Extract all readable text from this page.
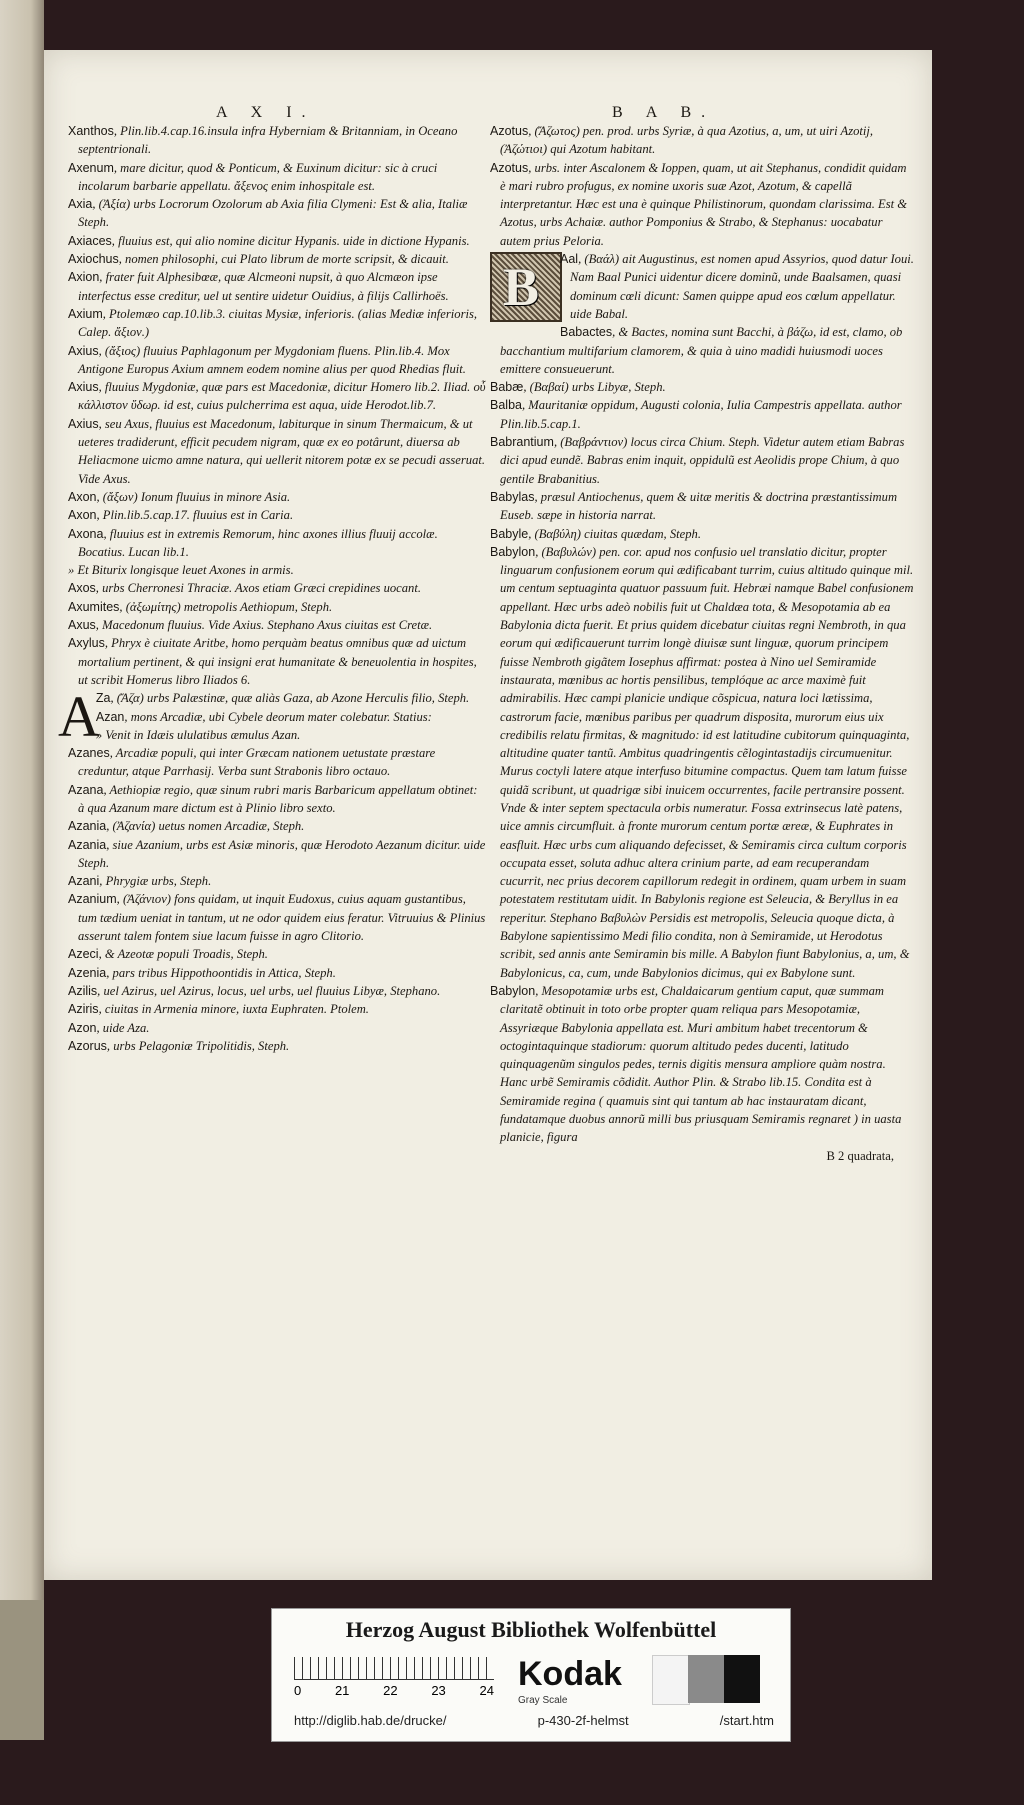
A X I.	B A B.
Xanthos, Plin.lib.4.cap.16.insula infra Hyberniam & Britanniam, in Oceano septentrionali.
Axenum, mare dicitur, quod & Ponticum, & Euxinum dicitur: sic à cruci incolarum barbarie appellatu. ἄξενος enim inhospitale est.
Axia, (Ἀξία) urbs Locrorum Ozolorum ab Axia filia Clymeni: Est & alia, Italiæ Steph.
Axiaces, fluuius est, qui alio nomine dicitur Hypanis. uide in dictione Hypanis.
Axiochus, nomen philosophi, cui Plato librum de morte scripsit, & dicauit.
Axion, frater fuit Alphesibœæ, quæ Alcmeoni nupsit, à quo Alcmæon ipse interfectus esse creditur, uel ut sentire uidetur Ouidius, à filijs Callirhoës.
Axium, Ptolemæo cap.10.lib.3. ciuitas Mysiæ, inferioris. (alias Mediæ inferioris, Calep. ἄξιον.)
Axius, (ἄξιος) fluuius Paphlagonum per Mygdoniam fluens. Plin.lib.4. Mox Antigone Europus Axium amnem eodem nomine alius per quod Rhedias fluit.
Axius, fluuius Mygdoniæ, quæ pars est Macedoniæ, dicitur Homero lib.2. Iliad. οὗ κάλλιστον ὕδωρ. id est, cuius pulcherrima est aqua, uide Herodot.lib.7.
Axius, seu Axus, fluuius est Macedonum, labiturque in sinum Thermaicum, & ut ueteres tradiderunt, efficit pecudem nigram, quæ ex eo potârunt, diuersa ab Heliacmone uicmo amne natura, qui uellerit nitorem potæ ex se pecudi asseruat. Vide Axus.
Axon, (ἄξων) Ionum fluuius in minore Asia.
Axon, Plin.lib.5.cap.17. fluuius est in Caria.
Axona, fluuius est in extremis Remorum, hinc axones illius fluuij accolæ. Bocatius. Lucan lib.1.
» Et Biturix longisque leuet Axones in armis.
Axos, urbs Cherronesi Thraciæ. Axos etiam Græci crepidines uocant.
Axumites, (ἀξωμίτης) metropolis Aethiopum, Steph.
Axus, Macedonum fluuius. Vide Axius. Stephano Axus ciuitas est Cretæ.
Axylus, Phryx è ciuitate Aritbe, homo perquàm beatus omnibus quæ ad uictum mortalium pertinent, & qui insigni erat humanitate & beneuolentia in hospites, ut scribit Homerus libro Iliados 6.
A
Za, (Ἄζα) urbs Palæstinæ, quæ aliàs Gaza, ab Azone Herculis filio, Steph.
Azan, mons Arcadiæ, ubi Cybele deorum mater colebatur. Statius:
» Venit in Idæis ululatibus æmulus Azan.
Azanes, Arcadiæ populi, qui inter Græcam nationem uetustate præstare creduntur, atque Parrhasij. Verba sunt Strabonis libro octauo.
Azana, Aethiopiæ regio, quæ sinum rubri maris Barbaricum appellatum obtinet: à qua Azanum mare dictum est à Plinio libro sexto.
Azania, (Ἀζανία) uetus nomen Arcadiæ, Steph.
Azania, siue Azanium, urbs est Asiæ minoris, quæ Herodoto Aezanum dicitur. uide Steph.
Azani, Phrygiæ urbs, Steph.
Azanium, (Ἀζάνιον) fons quidam, ut inquit Eudoxus, cuius aquam gustantibus, tum tædium ueniat in tantum, ut ne odor quidem eius feratur. Vitruuius & Plinius asserunt talem fontem siue lacum fuisse in agro Clitorio.
Azeci, & Azeotæ populi Troadis, Steph.
Azenia, pars tribus Hippothoontidis in Attica, Steph.
Azilis, uel Azirus, uel Azirus, locus, uel urbs, uel fluuius Libyæ, Stephano.
Aziris, ciuitas in Armenia minore, iuxta Euphraten. Ptolem.
Azon, uide Aza.
Azorus, urbs Pelagoniæ Tripolitidis, Steph.
Azotus, (Ἄζωτος) pen. prod. urbs Syriæ, à qua Azotius, a, um, ut uiri Azotij, (Ἀζώτιοι) qui Azotum habitant.
Azotus, urbs. inter Ascalonem & Ioppen, quam, ut ait Stephanus, condidit quidam è mari rubro profugus, ex nomine uxoris suæ Azot, Azotum, & capellã interpretantur. Hæc est una è quinque Philistinorum, quondam clarissima. Est & Azotus, urbs Achaiæ. author Pomponius & Strabo, & Stephanus: uocabatur autem prius Peloria.
B	Aal, (Βαάλ) ait Augustinus, est nomen apud Assyrios, quod datur Ioui. Nam Baal Punici uidentur dicere dominũ, unde Baalsamen, quasi dominum cœli dicunt: Samen quippe apud eos cœlum appellatur. uide Babal.
Babactes, & Bactes, nomina sunt Bacchi, à βάζω, id est, clamo, ob bacchantium multifarium clamorem, & quia à uino madidi huiusmodi uoces emittere consueuerunt.
Babæ, (Βαβαί) urbs Libyæ, Steph.
Balba, Mauritaniæ oppidum, Augusti colonia, Iulia Campestris appellata. author Plin.lib.5.cap.1.
Babrantium, (Βαβράντιον) locus circa Chium. Steph. Videtur autem etiam Babras dici apud eundẽ. Babras enim inquit, oppidulũ est Aeolidis prope Chium, à quo gentile Brabanitius.
Babylas, præsul Antiochenus, quem & uitæ meritis & doctrina præstantissimum Euseb. sæpe in historia narrat.
Babyle, (Βαβύλη) ciuitas quædam, Steph.
Babylon, (Βαβυλών) pen. cor. apud nos confusio uel translatio dicitur, propter linguarum confusionem eorum qui ædificabant turrim, cuius altitudo quinque mil. um centum septuaginta quatuor passuum fuit. Hebræi namque Babel confusionem appellant. Hæc urbs adeò nobilis fuit ut Chaldæa tota, & Mesopotamia ab ea Babylonia dicta fuerit. Et prius quidem dicebatur ciuitas regni Nembroth, in qua eorum qui ædificauerunt turrim longè diuisæ sunt linguæ, quorum principem fuisse Nembroth gigãtem Iosephus affirmat: postea à Nino uel Semiramide instaurata, mœnibus ac hortis pensilibus, templóque ac arce maximè fuit admirabilis. Hæc campi planicie undique cõspicua, natura loci lætissima, castrorum facie, mœnibus paribus per quadrum disposita, murorum eius uix credibilis relatu firmitas, & magnitudo: id est latitudine cubitorum quinquaginta, altitudine quater tantũ. Ambitus quadringentis cẽlogintastadijs circumuenitur. Murus coctyli latere atque interfuso bitumine compactus. Quem tam latum fuisse quidã scribunt, ut quadrigæ sibi inuicem occurrentes, facile pertransire possent. Vnde & inter septem spectacula orbis numeratur. Fossa extrinsecus latè patens, uice amnis circumfluit. à fronte murorum centum portæ æreæ, & Euphrates in easfluit. Hæc urbs cum aliquando defecisset, & Semiramis circa cultum corporis occupata esset, soluta adhuc altera crinium parte, ad eam recuperandam cucurrit, nec prius decorem capillorum redegit in ordinem, quam urbem in suam potestatem restitutam uidit. In Babylonis regione est Seleucia, & Beryllus in ea reperitur. Stephano Βαβυλὼν Persidis est metropolis, Seleucia quoque dicta, à Babylone sapientissimo Medi filio condita, non à Semiramide, ut Herodotus scribit, sed annis ante Semiramin bis mille. A Babylon fiunt Babylonius, a, um, & Babylonicus, ca, cum, unde Babylonios dicimus, qui ex Babylone sunt.
Babylon, Mesopotamiæ urbs est, Chaldaicarum gentium caput, quæ summam claritatẽ obtinuit in toto orbe propter quam reliqua pars Mesopotamiæ, Assyriæque Babylonia appellata est. Muri ambitum habet trecentorum & octogintaquinque stadiorum: quorum altitudo pedes ducenti, latitudo quinquagenũm singulos pedes, ternis digitis mensura ampliore quàm nostra. Hanc urbẽ Semiramis cõdidit. Author Plin. & Strabo lib.15. Condita est à Semiramide regina ( quamuis sint qui tantum ab hac instauratam dicant, fundatamque duobus annorũ milli bus priusquam Semiramis regnaret ) in uasta planicie, figura
B 2 quadrata,
Herzog August Bibliothek Wolfenbüttel
0	21	22	23	24 Kodak
Gray Scale
http://diglib.hab.de/drucke/	p-430-2f-helmst	/start.htm
